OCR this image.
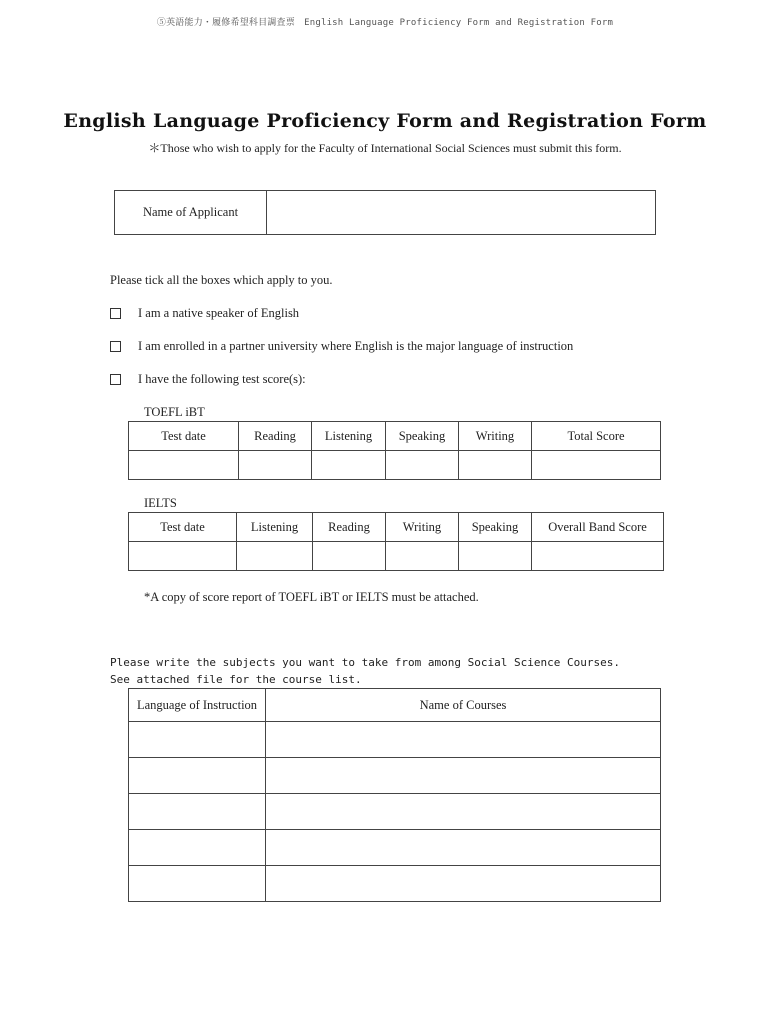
⑤英語能力・履修希望科目調査票　English Language Proficiency Form and Registration Form
English Language Proficiency Form and Registration Form
＊Those who wish to apply for the Faculty of International Social Sciences must submit this form.
Name of Applicant	
Please tick all the boxes which apply to you.
I am a native speaker of English
I am enrolled in a partner university where English is the major language of instruction
I have the following test score(s):
TOEFL iBT
Test date	Reading	Listening	Speaking	Writing	Total Score

IELTS
Test date	Listening	Reading	Writing	Speaking	Overall Band Score

*A copy of score report of TOEFL iBT or IELTS must be attached.
Please write the subjects you want to take from among Social Science Courses.
See attached file for the course list.
Language of Instruction	Name of Courses
